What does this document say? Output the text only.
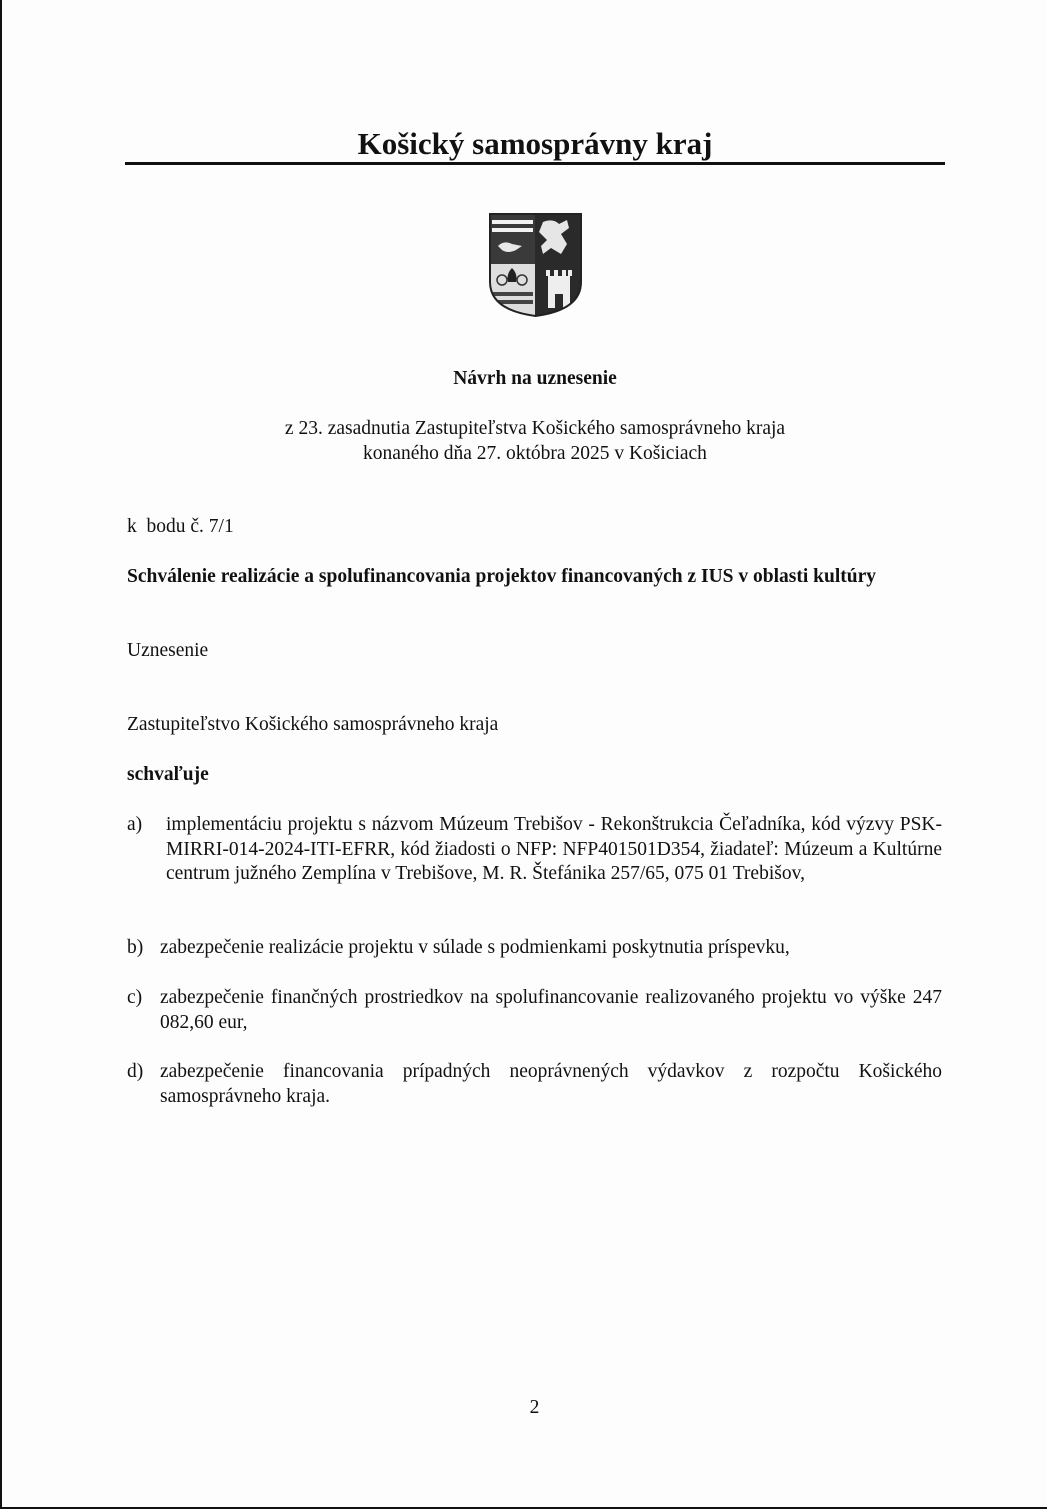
Košický samosprávny kraj
Návrh na uznesenie
z 23. zasadnutia Zastupiteľstva Košického samosprávneho kraja
konaného dňa 27. októbra 2025 v Košiciach
k  bodu č. 7/1
Schválenie realizácie a spolufinancovania projektov financovaných z IUS v oblasti kultúry
Uznesenie
Zastupiteľstvo Košického samosprávneho kraja
schvaľuje
a) implementáciu projektu s názvom Múzeum Trebišov - Rekonštrukcia Čeľadníka, kód výzvy PSK-MIRRI-014-2024-ITI-EFRR, kód žiadosti o NFP: NFP401501D354, žiadateľ: Múzeum a Kultúrne centrum južného Zemplína v Trebišove, M. R. Štefánika 257/65, 075 01 Trebišov,
b) zabezpečenie realizácie projektu v súlade s podmienkami poskytnutia príspevku,
c) zabezpečenie finančných prostriedkov na spolufinancovanie realizovaného projektu vo výške 247 082,60 eur,
d) zabezpečenie financovania prípadných neoprávnených výdavkov z rozpočtu Košického samosprávneho kraja.
2
